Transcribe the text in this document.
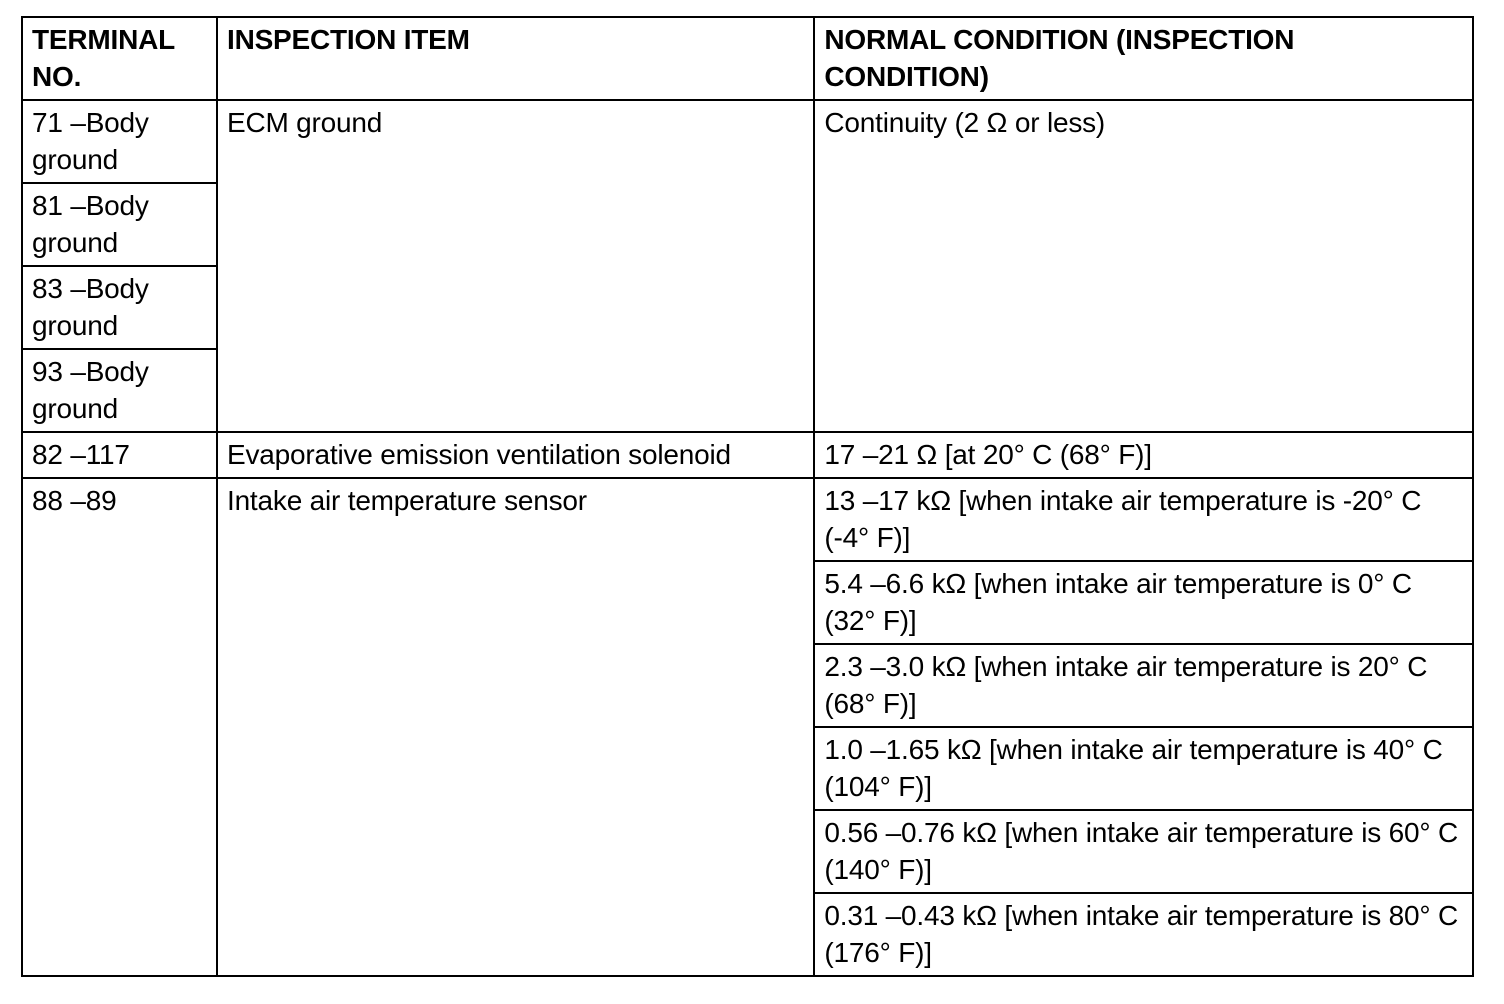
TERMINAL NO.	INSPECTION ITEM	NORMAL CONDITION (INSPECTION CONDITION)
71 –Body ground	ECM ground	Continuity (2 Ω or less)
81 –Body ground		
83 –Body ground		
93 –Body ground		
82 –117	Evaporative emission ventilation solenoid	17 –21 Ω [at 20° C (68° F)]
88 –89	Intake air temperature sensor	13 –17 kΩ [when intake air temperature is -20° C (-4° F)]
		5.4 –6.6 kΩ [when intake air temperature is 0° C (32° F)]
		2.3 –3.0 kΩ [when intake air temperature is 20° C (68° F)]
		1.0 –1.65 kΩ [when intake air temperature is 40° C (104° F)]
		0.56 –0.76 kΩ [when intake air temperature is 60° C (140° F)]
		0.31 –0.43 kΩ [when intake air temperature is 80° C (176° F)]
